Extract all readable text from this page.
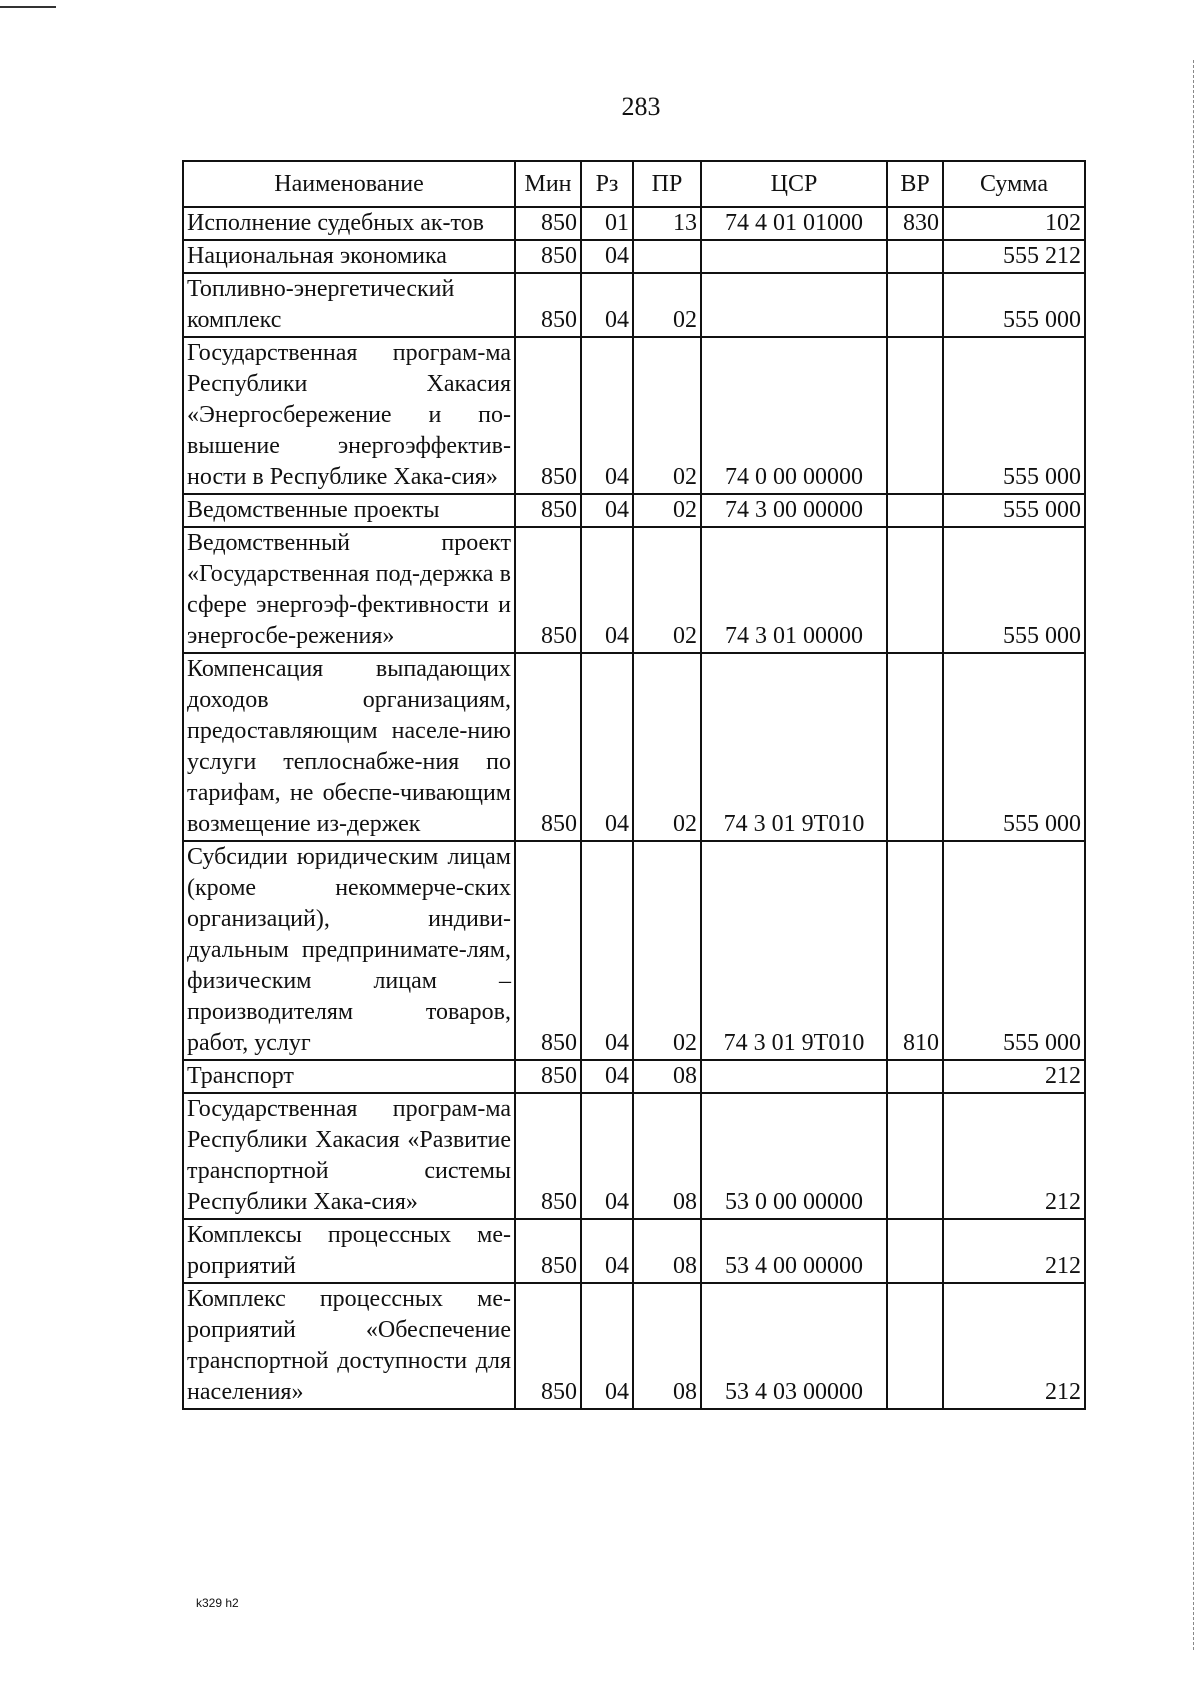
283
Наименование	Мин	Рз	ПР	ЦСР	ВР	Сумма
Исполнение судебных ак-тов	850	01	13	74 4 01 01000	830	102
Национальная экономика	850	04				555 212
Топливно-энергетический комплекс	850	04	02			555 000
Государственная програм-ма Республики Хакасия «Энергосбережение и по-вышение энергоэффектив-ности в Республике Хака-сия»	850	04	02	74 0 00 00000		555 000
Ведомственные проекты	850	04	02	74 3 00 00000		555 000
Ведомственный проект «Государственная под-держка в сфере энергоэф-фективности и энергосбе-режения»	850	04	02	74 3 01 00000		555 000
Компенсация выпадающих доходов организациям, предоставляющим населе-нию услуги теплоснабже-ния по тарифам, не обеспе-чивающим возмещение из-держек	850	04	02	74 3 01 9Т010		555 000
Субсидии юридическим лицам (кроме некоммерче-ских организаций), индиви-дуальным предпринимате-лям, физическим лицам – производителям товаров, работ, услуг	850	04	02	74 3 01 9Т010	810	555 000
Транспорт	850	04	08			212
Государственная програм-ма Республики Хакасия «Развитие транспортной системы Республики Хака-сия»	850	04	08	53 0 00 00000		212
Комплексы процессных ме-роприятий	850	04	08	53 4 00 00000		212
Комплекс процессных ме-роприятий «Обеспечение транспортной доступности для населения»	850	04	08	53 4 03 00000		212
k329 h2
